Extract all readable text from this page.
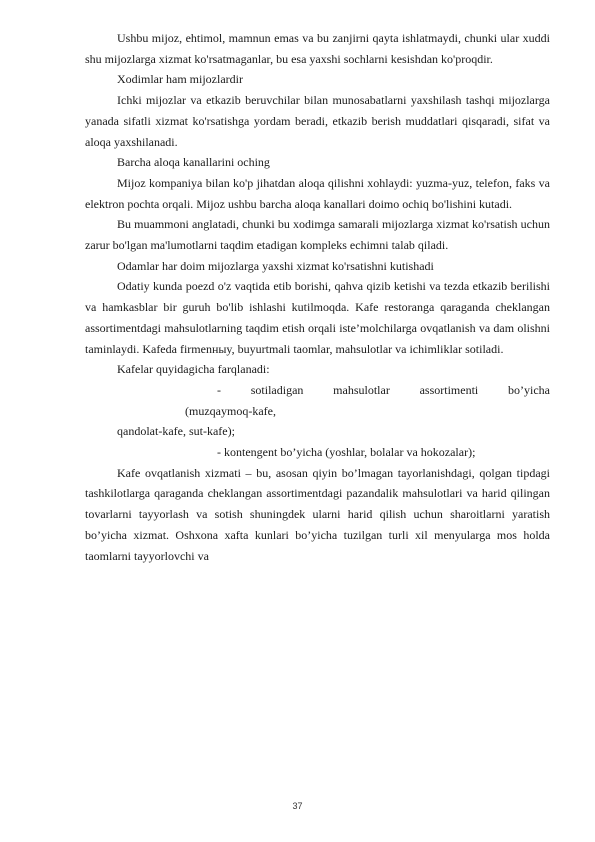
Ushbu mijoz, ehtimol, mamnun emas va bu zanjirni qayta ishlatmaydi, chunki ular xuddi shu mijozlarga xizmat ko'rsatmaganlar, bu esa yaxshi sochlarni kesishdan ko'proqdir.

Xodimlar ham mijozlardir

Ichki mijozlar va etkazib beruvchilar bilan munosabatlarni yaxshilash tashqi mijozlarga yanada sifatli xizmat ko'rsatishga yordam beradi, etkazib berish muddatlari qisqaradi, sifat va aloqa yaxshilanadi.

Barcha aloqa kanallarini oching

Mijoz kompaniya bilan ko'p jihatdan aloqa qilishni xohlaydi: yuzma-yuz, telefon, faks va elektron pochta orqali. Mijoz ushbu barcha aloqa kanallari doimo ochiq bo'lishini kutadi.

Bu muammoni anglatadi, chunki bu xodimga samarali mijozlarga xizmat ko'rsatish uchun zarur bo'lgan ma'lumotlarni taqdim etadigan kompleks echimni talab qiladi.

Odamlar har doim mijozlarga yaxshi xizmat ko'rsatishni kutishadi

Odatiy kunda poezd o'z vaqtida etib borishi, qahva qizib ketishi va tezda etkazib berilishi va hamkasblar bir guruh bo'lib ishlashi kutilmoqda. Kafe restoranga qaraganda cheklangan assortimentdagi mahsulotlarning taqdim etish orqali iste’molchilarga ovqatlanish va dam olishni taminlaydi. Kafeda firmenныy, buyurtmali taomlar, mahsulotlar va ichimliklar sotiladi.

Kafelar quyidagicha farqlanadi:

- sotiladigan mahsulotlar assortimenti bo’yicha
(muzqaymoq-kafe,
qandolat-kafe, sut-kafe);
- kontengent bo’yicha (yoshlar, bolalar va hokozalar);

Kafe ovqatlanish xizmati – bu, asosan qiyin bo’lmagan tayorlanishdagi, qolgan tipdagi tashkilotlarga qaraganda cheklangan assortimentdagi pazandalik mahsulotlari va harid qilingan tovarlarni tayyorlash va sotish shuningdek ularni harid qilish uchun sharoitlarni yaratish bo’yicha xizmat. Oshxona xafta kunlari bo’yicha tuzilgan turli xil menyularga mos holda taomlarni tayyorlovchi va

37
